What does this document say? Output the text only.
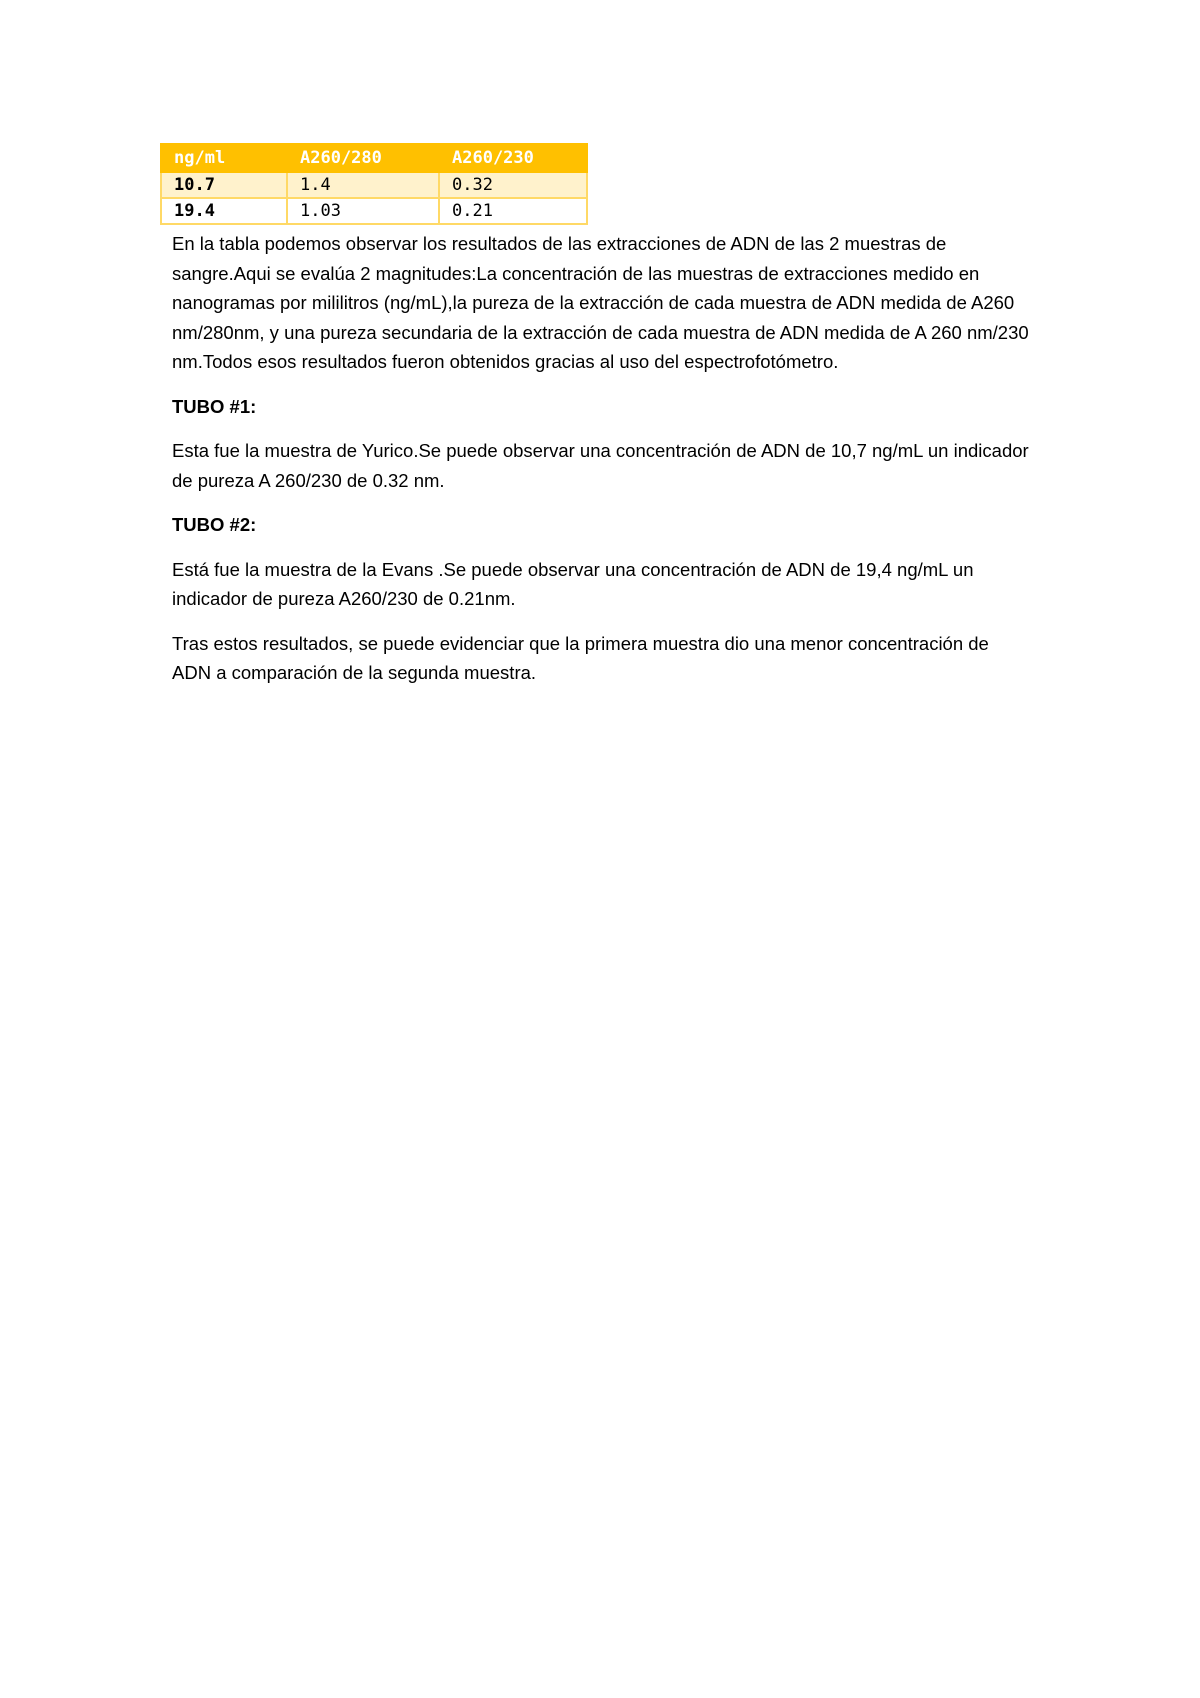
ng/ml	A260/280	A260/230
10.7	1.4	0.32
19.4	1.03	0.21

En la tabla podemos observar los resultados de las extracciones de ADN de las 2 muestras de sangre.Aqui se evalúa 2 magnitudes:La concentración de las muestras de extracciones medido en nanogramas por mililitros (ng/mL),la pureza de la extracción de cada muestra de ADN medida de A260 nm/280nm, y una pureza secundaria de la extracción de cada muestra de ADN medida de A 260 nm/230 nm.Todos esos resultados fueron obtenidos gracias al uso del espectrofotómetro.

TUBO #1:

Esta fue la muestra de Yurico.Se puede observar una concentración de ADN de 10,7 ng/mL un indicador de pureza A 260/230 de 0.32 nm.

TUBO #2:

Está fue la muestra de la Evans .Se puede observar una concentración de ADN de 19,4 ng/mL un indicador de pureza A260/230 de 0.21nm.

Tras estos resultados, se puede evidenciar que la primera muestra dio una menor concentración de ADN a comparación de la segunda muestra.
